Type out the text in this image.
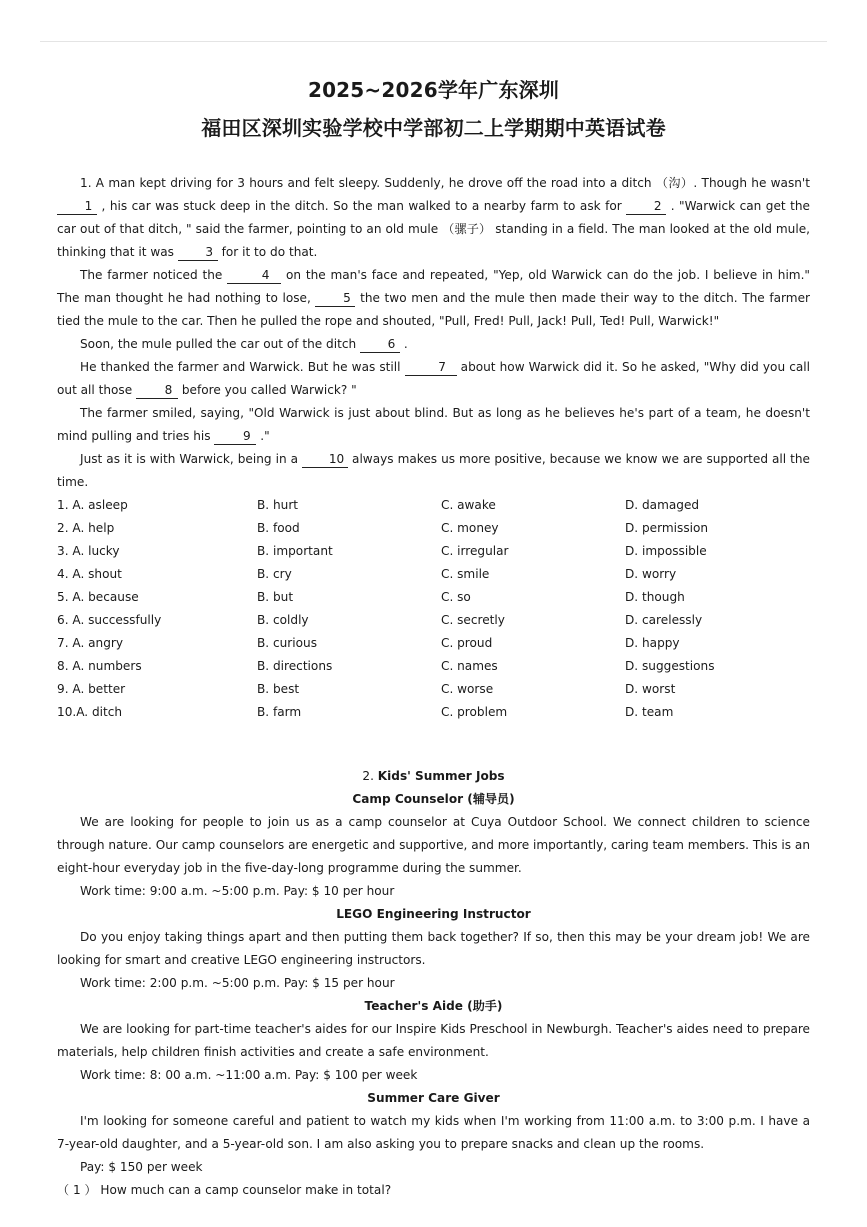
2025~2026学年广东深圳
福田区深圳实验学校中学部初二上学期期中英语试卷

1. A man kept driving for 3 hours and felt sleepy. Suddenly, he drove off the road into a ditch （沟）. Though he wasn't 1 , his car was stuck deep in the ditch. So the man walked to a nearby farm to ask for 2 . "Warwick can get the car out of that ditch, " said the farmer, pointing to an old mule （骡子） standing in a field. The man looked at the old mule, thinking that it was 3 for it to do that.

The farmer noticed the	4 on the man's face and repeated, "Yep, old Warwick can do the job. I believe in him." The man thought he had nothing to lose, 5 the two men and the mule then made their way to the ditch. The farmer tied the mule to the car. Then he pulled the rope and shouted, "Pull, Fred! Pull, Jack! Pull, Ted! Pull, Warwick!"

Soon, the mule pulled the car out of the ditch 6 .

He thanked the farmer and Warwick. But he was still	7 about how Warwick did it. So he asked, "Why did you call out all those 8 before you called Warwick? "

The farmer smiled, saying, "Old Warwick is just about blind. But as long as he believes he's part of a team, he doesn't mind pulling and tries his 9 ."

Just as it is with Warwick, being in a 10 always makes us more positive, because we know we are supported all the time.

1. A. asleep	B. hurt	C. awake	D. damaged
2. A. help	B. food	C. money	D. permission
3. A. lucky	B. important	C. irregular	D. impossible
4. A. shout	B. cry	C. smile	D. worry
5. A. because	B. but	C. so	D. though
6. A. successfully	B. coldly	C. secretly	D. carelessly
7. A. angry	B. curious	C. proud	D. happy
8. A. numbers	B. directions	C. names	D. suggestions
9. A. better	B. best	C. worse	D. worst
10.A. ditch	B. farm	C. problem	D. team

2. Kids' Summer Jobs

Camp Counselor (辅导员)

We are looking for people to join us as a camp counselor at Cuya Outdoor School. We connect children to science through nature. Our camp counselors are energetic and supportive, and more importantly, caring team members. This is an eight-hour everyday job in the five-day-long programme during the summer.

Work time: 9:00 a.m. ~5:00 p.m. Pay: $ 10 per hour

LEGO Engineering Instructor

Do you enjoy taking things apart and then putting them back together? If so, then this may be your dream job! We are looking for smart and creative LEGO engineering instructors.

Work time: 2:00 p.m. ~5:00 p.m. Pay: $ 15 per hour

Teacher's Aide (助手)

We are looking for part-time teacher's aides for our Inspire Kids Preschool in Newburgh. Teacher's aides need to prepare materials, help children finish activities and create a safe environment.

Work time: 8: 00 a.m. ~11:00 a.m. Pay: $ 100 per week

Summer Care Giver

I'm looking for someone careful and patient to watch my kids when I'm working from 11:00 a.m. to 3:00 p.m. I have a 7-year-old daughter, and a 5-year-old son. I am also asking you to prepare snacks and clean up the rooms.

Pay: $ 150 per week

（ 1 ） How much can a camp counselor make in total?
